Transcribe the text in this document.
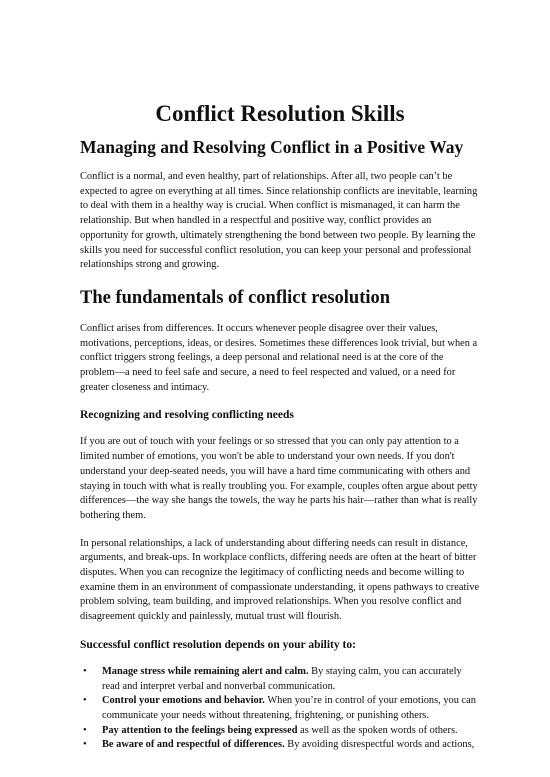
Conflict Resolution Skills
Managing and Resolving Conflict in a Positive Way

Conflict is a normal, and even healthy, part of relationships. After all, two people can’t be expected to agree on everything at all times. Since relationship conflicts are inevitable, learning to deal with them in a healthy way is crucial. When conflict is mismanaged, it can harm the relationship. But when handled in a respectful and positive way, conflict provides an opportunity for growth, ultimately strengthening the bond between two people. By learning the skills you need for successful conflict resolution, you can keep your personal and professional relationships strong and growing.

The fundamentals of conflict resolution

Conflict arises from differences. It occurs whenever people disagree over their values, motivations, perceptions, ideas, or desires. Sometimes these differences look trivial, but when a conflict triggers strong feelings, a deep personal and relational need is at the core of the problem—a need to feel safe and secure, a need to feel respected and valued, or a need for greater closeness and intimacy.

Recognizing and resolving conflicting needs

If you are out of touch with your feelings or so stressed that you can only pay attention to a limited number of emotions, you won't be able to understand your own needs. If you don't understand your deep-seated needs, you will have a hard time communicating with others and staying in touch with what is really troubling you. For example, couples often argue about petty differences—the way she hangs the towels, the way he parts his hair—rather than what is really bothering them.

In personal relationships, a lack of understanding about differing needs can result in distance, arguments, and break-ups. In workplace conflicts, differing needs are often at the heart of bitter disputes. When you can recognize the legitimacy of conflicting needs and become willing to examine them in an environment of compassionate understanding, it opens pathways to creative problem solving, team building, and improved relationships. When you resolve conflict and disagreement quickly and painlessly, mutual trust will flourish.

Successful conflict resolution depends on your ability to:
• Manage stress while remaining alert and calm. By staying calm, you can accurately read and interpret verbal and nonverbal communication.
• Control your emotions and behavior. When you’re in control of your emotions, you can communicate your needs without threatening, frightening, or punishing others.
• Pay attention to the feelings being expressed as well as the spoken words of others.
• Be aware of and respectful of differences. By avoiding disrespectful words and actions,
